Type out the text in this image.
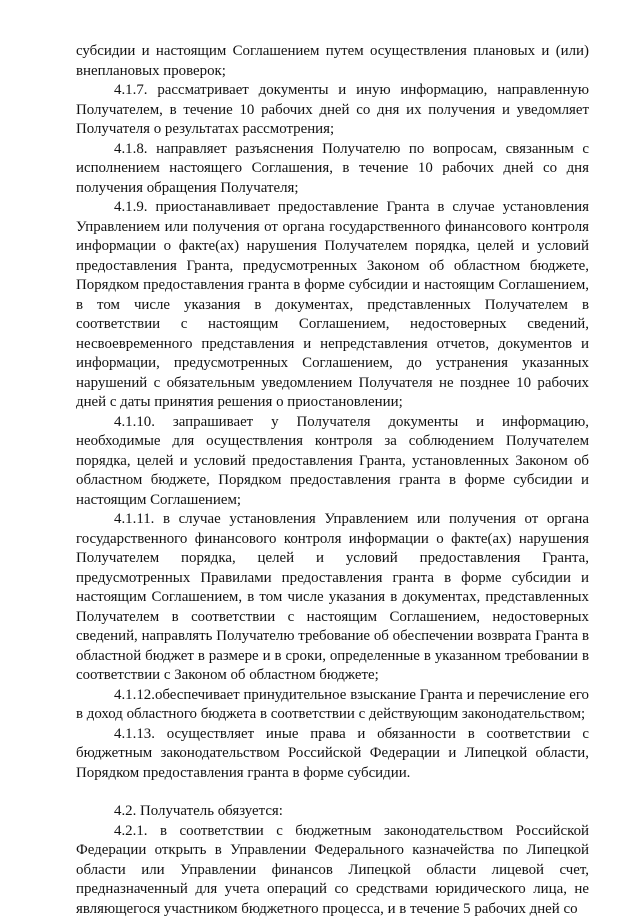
субсидии и настоящим Соглашением путем осуществления плановых и (или) внеплановых проверок;

4.1.7. рассматривает документы и иную информацию, направленную Получателем, в течение 10 рабочих дней со дня их получения и уведомляет Получателя о результатах рассмотрения;

4.1.8. направляет разъяснения Получателю по вопросам, связанным с исполнением настоящего Соглашения, в течение 10 рабочих дней со дня получения обращения Получателя;

4.1.9. приостанавливает предоставление Гранта в случае установления Управлением или получения от органа государственного финансового контроля информации о факте(ах) нарушения Получателем порядка, целей и условий предоставления Гранта, предусмотренных Законом об областном бюджете, Порядком предоставления гранта в форме субсидии и настоящим Соглашением, в том числе указания в документах, представленных Получателем в соответствии с настоящим Соглашением, недостоверных сведений, несвоевременного представления и непредставления отчетов, документов и информации, предусмотренных Соглашением, до устранения указанных нарушений с обязательным уведомлением Получателя не позднее 10 рабочих дней с даты принятия решения о приостановлении;

4.1.10. запрашивает у Получателя документы и информацию, необходимые для осуществления контроля за соблюдением Получателем порядка, целей и условий предоставления Гранта, установленных Законом об областном бюджете, Порядком предоставления гранта в форме субсидии и настоящим Соглашением;

4.1.11. в случае установления Управлением или получения от органа государственного финансового контроля информации о факте(ах) нарушения Получателем порядка, целей и условий предоставления Гранта, предусмотренных Правилами предоставления гранта в форме субсидии и настоящим Соглашением, в том числе указания в документах, представленных Получателем в соответствии с настоящим Соглашением, недостоверных сведений, направлять Получателю требование об обеспечении возврата Гранта в областной бюджет в размере и в сроки, определенные в указанном требовании в соответствии с Законом об областном бюджете;

4.1.12.обеспечивает принудительное взыскание Гранта и перечисление его в доход областного бюджета в соответствии с действующим законодательством;

4.1.13. осуществляет иные права и обязанности в соответствии с бюджетным законодательством Российской Федерации и Липецкой области, Порядком предоставления гранта в форме субсидии.

4.2. Получатель обязуется:

4.2.1. в соответствии с бюджетным законодательством Российской Федерации открыть в Управлении Федерального казначейства по Липецкой области или Управлении финансов Липецкой области лицевой счет, предназначенный для учета операций со средствами юридического лица, не являющегося участником бюджетного процесса, и в течение 5 рабочих дней со
